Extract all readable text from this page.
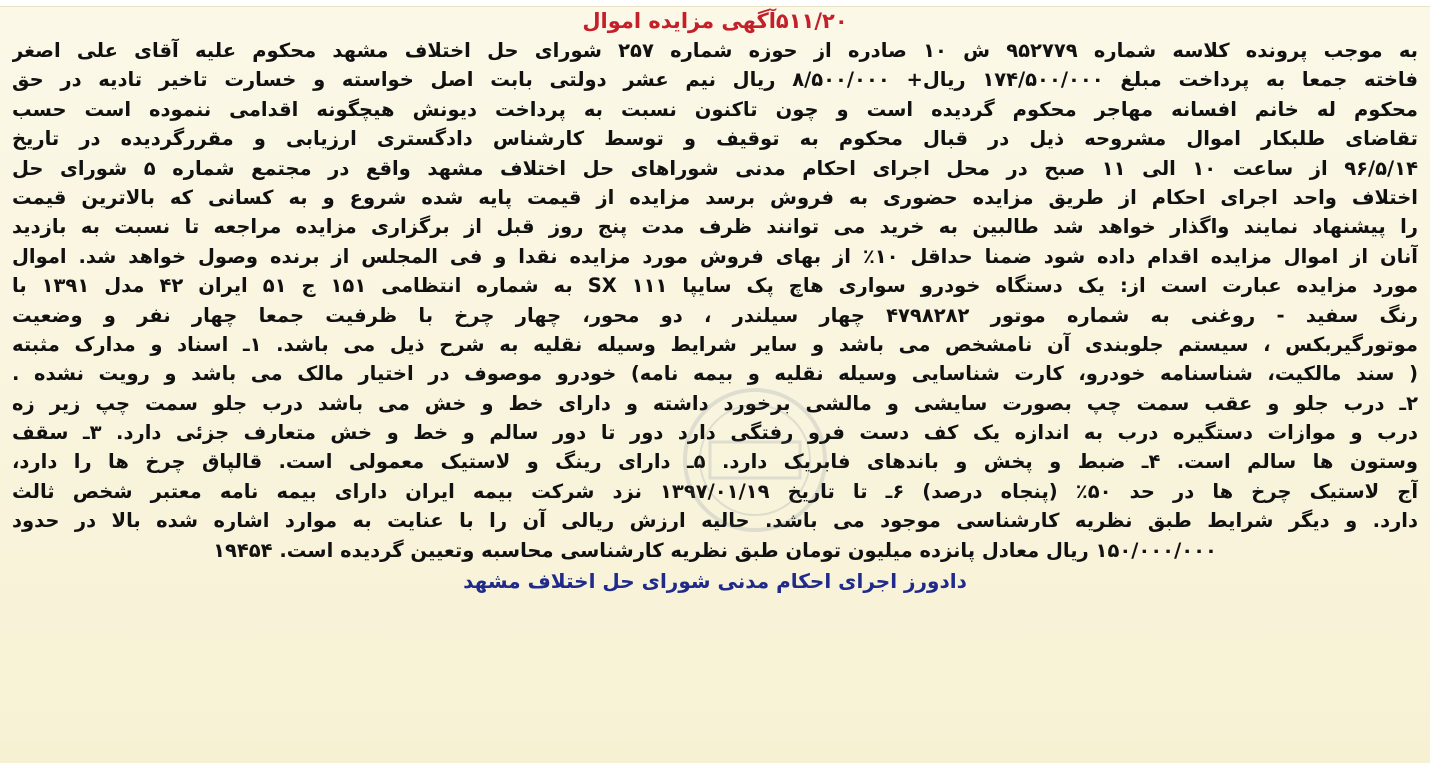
۵۱۱/۲۰آگهی مزایده اموال
به موجب پرونده کلاسه شماره ۹۵۲۷۷۹ ش ۱۰ صادره از حوزه شماره ۲۵۷ شورای حل اختلاف مشهد محکوم علیه آقای علی اصغر
فاخته جمعا به پرداخت مبلغ ۱۷۴/۵۰۰/۰۰۰ ریال+ ۸/۵۰۰/۰۰۰ ریال نیم عشر دولتی بابت اصل خواسته و خسارت تاخیر تادیه در حق
محکوم له خانم افسانه مهاجر محکوم گردیده است و چون تاکنون نسبت به پرداخت دیونش هیچگونه اقدامی ننموده است حسب
تقاضای طلبکار اموال مشروحه ذیل در قبال محکوم به توقیف و توسط کارشناس دادگستری ارزیابی و مقررگردیده در تاریخ
۹۶/۵/۱۴ از ساعت ۱۰ الی ۱۱ صبح در محل اجرای احکام مدنی شوراهای حل اختلاف مشهد واقع در مجتمع شماره ۵ شورای حل
اختلاف واحد اجرای احکام از طریق مزایده حضوری به فروش برسد مزایده از قیمت پایه شده شروع و به کسانی که بالاترین قیمت
را پیشنهاد نمایند واگذار خواهد شد طالبین به خرید می توانند ظرف مدت پنج روز قبل از برگزاری مزایده مراجعه تا نسبت به بازدید
آنان از اموال مزایده اقدام داده شود ضمنا حداقل ۱۰٪ از بهای فروش مورد مزایده نقدا و فی المجلس از برنده وصول خواهد شد. اموال
مورد مزایده عبارت است از: یک دستگاه خودرو سواری هاچ پک سایپا SX ۱۱۱ به شماره انتظامی ۱۵۱ ج ۵۱ ایران ۴۲ مدل ۱۳۹۱ با
رنگ سفید - روغنی به شماره موتور ۴۷۹۸۲۸۲ چهار سیلندر ، دو محور، چهار چرخ با ظرفیت جمعا چهار نفر و وضعیت
موتورگیربکس ، سیستم جلوبندی آن نامشخص می باشد و سایر شرایط وسیله نقلیه به شرح ذیل می باشد. ۱ـ اسناد و مدارک مثبته
( سند مالکیت، شناسنامه خودرو، کارت شناسایی وسیله نقلیه و بیمه نامه) خودرو موصوف در اختیار مالک می باشد و رویت نشده .
۲ـ درب جلو و عقب سمت چپ بصورت سایشی و مالشی برخورد داشته و دارای خط و خش می باشد درب جلو سمت چپ زیر زه
درب و موازات دستگیره درب به اندازه یک کف دست فرو رفتگی دارد دور تا دور سالم و خط و خش متعارف جزئی دارد. ۳ـ سقف
وستون ها سالم است. ۴ـ ضبط و پخش و باندهای فابریک دارد. ۵ـ دارای رینگ و لاستیک معمولی است. قالپاق چرخ ها را دارد،
آج لاستیک چرخ ها در حد ۵۰٪ (پنجاه درصد) ۶ـ تا تاریخ ۱۳۹۷/۰۱/۱۹ نزد شرکت بیمه ایران دارای بیمه نامه معتبر شخص ثالث
دارد. و دیگر شرایط طبق نظریه کارشناسی موجود می باشد. حالیه ارزش ریالی آن را با عنایت به موارد اشاره شده بالا در حدود
۱۵۰/۰۰۰/۰۰۰ ریال معادل پانزده میلیون تومان طبق نظریه کارشناسی محاسبه وتعیین گردیده است. ۱۹۴۵۴
دادورز اجرای احکام مدنی شورای حل اختلاف مشهد
